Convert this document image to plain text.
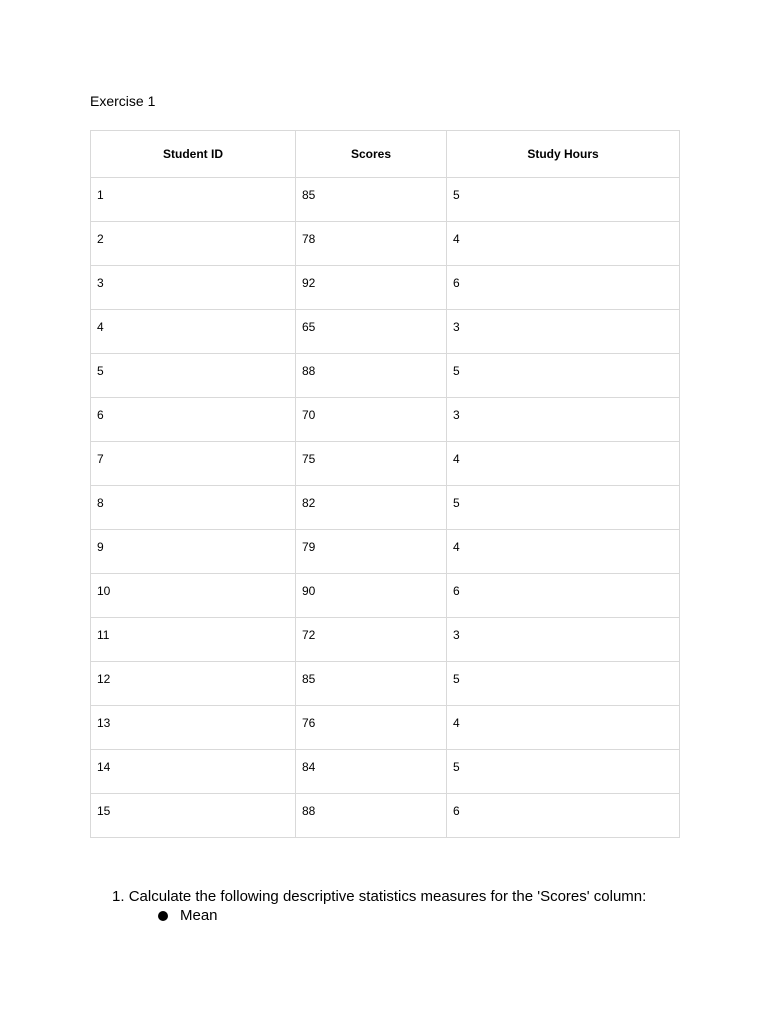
Exercise 1
Student ID	Scores	Study Hours
1	85	5
2	78	4
3	92	6
4	65	3
5	88	5
6	70	3
7	75	4
8	82	5
9	79	4
10	90	6
11	72	3
12	85	5
13	76	4
14	84	5
15	88	6
1. Calculate the following descriptive statistics measures for the 'Scores' column:
Mean
